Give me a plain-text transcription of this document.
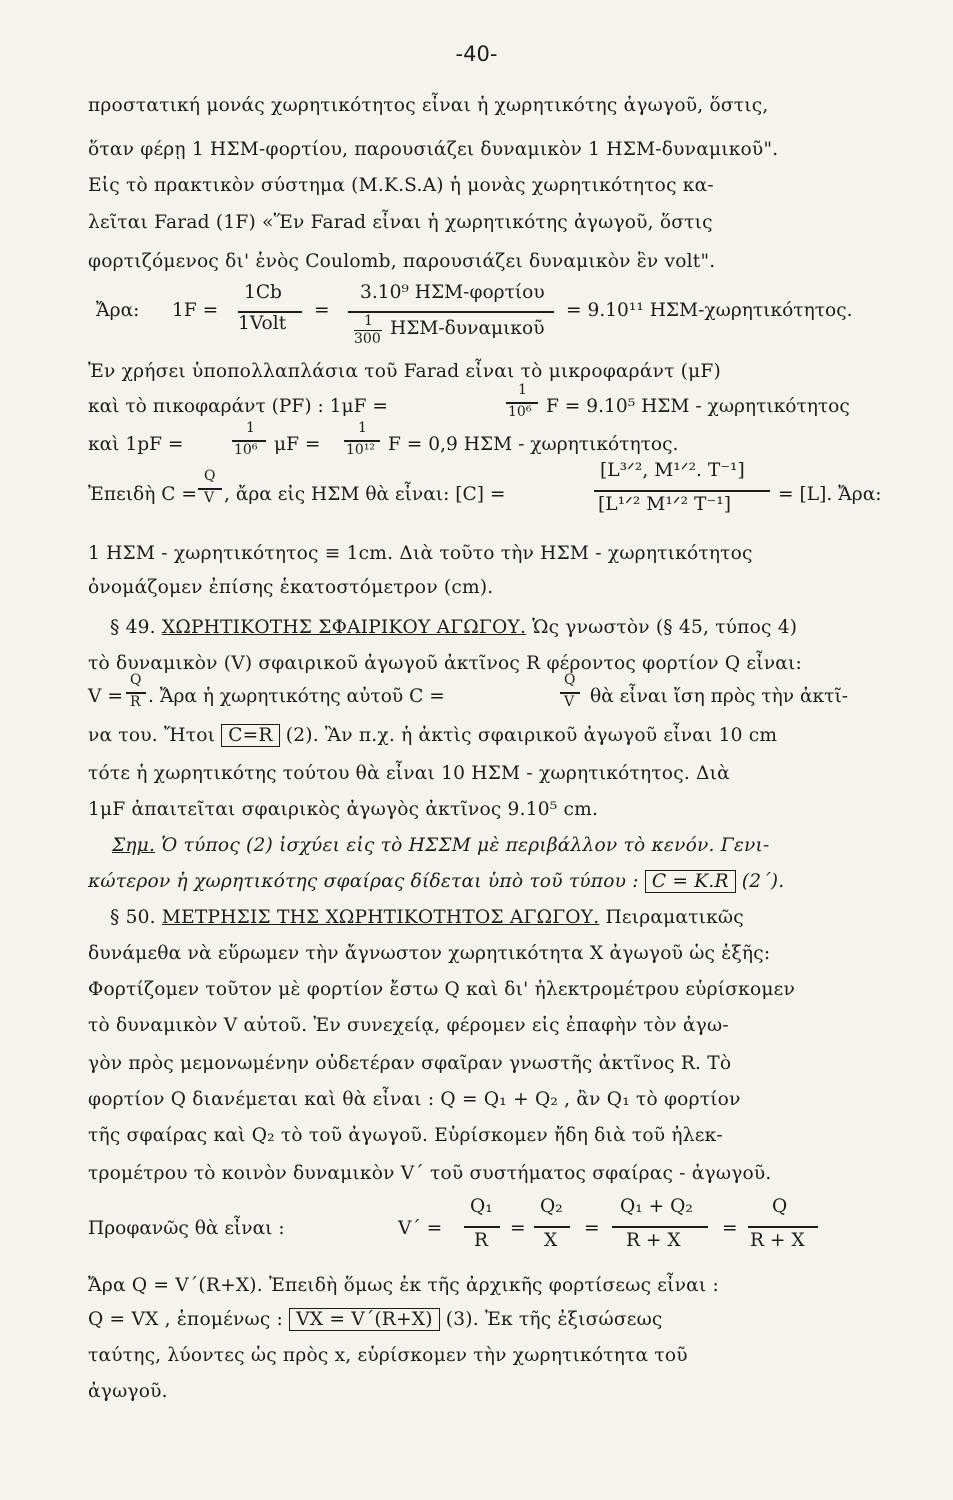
-40-
προστατική μονάς χωρητικότητος εἶναι ἡ χωρητικότης ἀγωγοῦ, ὅστις,
ὅταν φέρῃ 1 ΗΣΜ-φορτίου, παρουσιάζει δυναμικὸν 1 ΗΣΜ-δυναμικοῦ".
Εἰς τὸ πρακτικὸν σύστημα (Μ.Κ.S.A) ἡ μονὰς χωρητικότητος κα-
λεῖται Farad (1F) «Ἕν Farad εἶναι ἡ χωρητικότης ἀγωγοῦ, ὅστις
φορτιζόμενος δι' ἑνὸς Coulomb, παρουσιάζει δυναμικὸν ἓν volt".
Ἄρα: 1F =
1Cb
1Volt
=
3.10⁹ ΗΣΜ-φορτίου
1
300 ΗΣΜ-δυναμικοῦ
= 9.10¹¹ ΗΣΜ-χωρητικότητος.
Ἐν χρήσει ὑποπολλαπλάσια τοῦ Farad εἶναι τὸ μικροφαράντ (μF)
καὶ τὸ πικοφαράντ (PF) : 1μF =
1
10⁶ F = 9.10⁵ ΗΣΜ - χωρητικότητος
καὶ 1pF =
1
10⁶ μF =
1
10¹² F = 0,9 ΗΣΜ - χωρητικότητος.
Ἐπειδὴ C =
Q
V , ἄρα εἰς ΗΣΜ θὰ εἶναι: [C] =
[L³ᐟ², M¹ᐟ². T⁻¹]
[L¹ᐟ² M¹ᐟ² T⁻¹]	= [L]. Ἄρα:
1 ΗΣΜ - χωρητικότητος ≡ 1cm. Διὰ τοῦτο τὴν ΗΣΜ - χωρητικότητος
ὀνομάζομεν ἐπίσης ἑκατοστόμετρον (cm).
§ 49. ΧΩΡΗΤΙΚΟΤΗΣ ΣΦΑΙΡΙΚΟΥ ΑΓΩΓΟΥ. Ὡς γνωστὸν (§ 45, τύπος 4)
τὸ δυναμικὸν (V) σφαιρικοῦ ἀγωγοῦ ἀκτῖνος R φέροντος φορτίον Q εἶναι:
V =
Q
R . Ἄρα ἡ χωρητικότης αὐτοῦ C =
Q
V θὰ εἶναι ἴση πρὸς τὴν ἀκτῖ-
να του. Ἤτοι C=R (2). Ἂν π.χ. ἡ ἀκτὶς σφαιρικοῦ ἀγωγοῦ εἶναι 10 cm
τότε ἡ χωρητικότης τούτου θὰ εἶναι 10 ΗΣΜ - χωρητικότητος. Διὰ
1μF ἀπαιτεῖται σφαιρικὸς ἀγωγὸς ἀκτῖνος 9.10⁵ cm.
Σημ. Ὁ τύπος (2) ἰσχύει εἰς τὸ ΗΣΣΜ μὲ περιβάλλον τὸ κενόν. Γενι-
κώτερον ἡ χωρητικότης σφαίρας δίδεται ὑπὸ τοῦ τύπου : C = K.R (2΄).
§ 50. ΜΕΤΡΗΣΙΣ ΤΗΣ ΧΩΡΗΤΙΚΟΤΗΤΟΣ ΑΓΩΓΟΥ. Πειραματικῶς
δυνάμεθα νὰ εὕρωμεν τὴν ἄγνωστον χωρητικότητα Χ ἀγωγοῦ ὡς ἑξῆς:
Φορτίζομεν τοῦτον μὲ φορτίον ἔστω Q καὶ δι' ἠλεκτρομέτρου εὑρίσκομεν
τὸ δυναμικὸν V αὐτοῦ. Ἐν συνεχείᾳ, φέρομεν εἰς ἐπαφὴν τὸν ἀγω-
γὸν πρὸς μεμονωμένην οὐδετέραν σφαῖραν γνωστῆς ἀκτῖνος R. Τὸ
φορτίον Q διανέμεται καὶ θὰ εἶναι : Q = Q₁ + Q₂ , ἂν Q₁ τὸ φορτίον
τῆς σφαίρας καὶ Q₂ τὸ τοῦ ἀγωγοῦ. Εὑρίσκομεν ἤδη διὰ τοῦ ἠλεκ-
τρομέτρου τὸ κοινὸν δυναμικὸν V΄ τοῦ συστήματος σφαίρας - ἀγωγοῦ.
Προφανῶς θὰ εἶναι :	V΄ =
Q₁
R
=
Q₂
X
=
Q₁ + Q₂
R + X
=
Q
R + X
Ἄρα Q = V΄(R+X). Ἐπειδὴ ὅμως ἐκ τῆς ἀρχικῆς φορτίσεως εἶναι :
Q = VX , ἑπομένως : VX = V΄(R+X) (3). Ἐκ τῆς ἐξισώσεως
ταύτης, λύοντες ὡς πρὸς x, εὑρίσκομεν τὴν χωρητικότητα τοῦ
ἀγωγοῦ.
